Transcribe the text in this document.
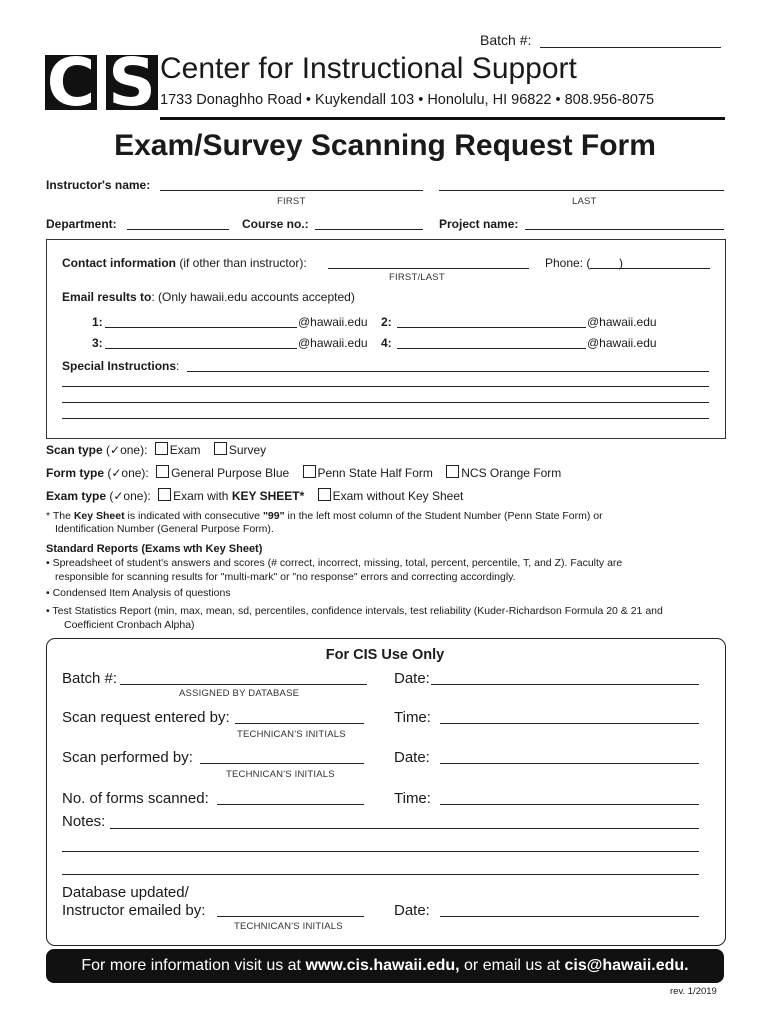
Batch #:
C S Center for Instructional Support
1733 Donaghho Road • Kuykendall 103 • Honolulu, HI 96822 • 808.956-8075
Exam/Survey Scanning Request Form
Instructor's name:
FIRST	LAST
Department:	Course no.:	Project name:
Contact information (if other than instructor):
FIRST/LAST
Phone: ( )
Email results to: (Only hawaii.edu accounts accepted)
1:	@hawaii.edu 2:	@hawaii.edu
3:	@hawaii.edu 4:	@hawaii.edu
Special Instructions:
Scan type (✓one): Exam Survey
Form type (✓one): General Purpose Blue Penn State Half Form NCS Orange Form
Exam type (✓one): Exam with KEY SHEET* Exam without Key Sheet
* The Key Sheet is indicated with consecutive "99" in the left most column of the Student Number (Penn State Form) or
Identification Number (General Purpose Form).
Standard Reports (Exams wth Key Sheet)
• Spreadsheet of student's answers and scores (# correct, incorrect, missing, total, percent, percentile, T, and Z). Faculty are
responsible for scanning results for "multi-mark" or "no response" errors and correcting accordingly.
• Condensed Item Analysis of questions
• Test Statistics Report (min, max, mean, sd, percentiles, confidence intervals, test reliability (Kuder-Richardson Formula 20 & 21 and
Coefficient Cronbach Alpha)
For CIS Use Only
Batch #:
ASSIGNED BY DATABASE
Date:
Scan request entered by:
TECHNICAN'S INITIALS
Time:
Scan performed by:
TECHNICAN'S INITIALS
Date:
No. of forms scanned:	Time:
Notes:
Database updated/
Instructor emailed by:
TECHNICAN'S INITIALS
Date:
For more information visit us at www.cis.hawaii.edu, or email us at cis@hawaii.edu.
rev. 1/2019
